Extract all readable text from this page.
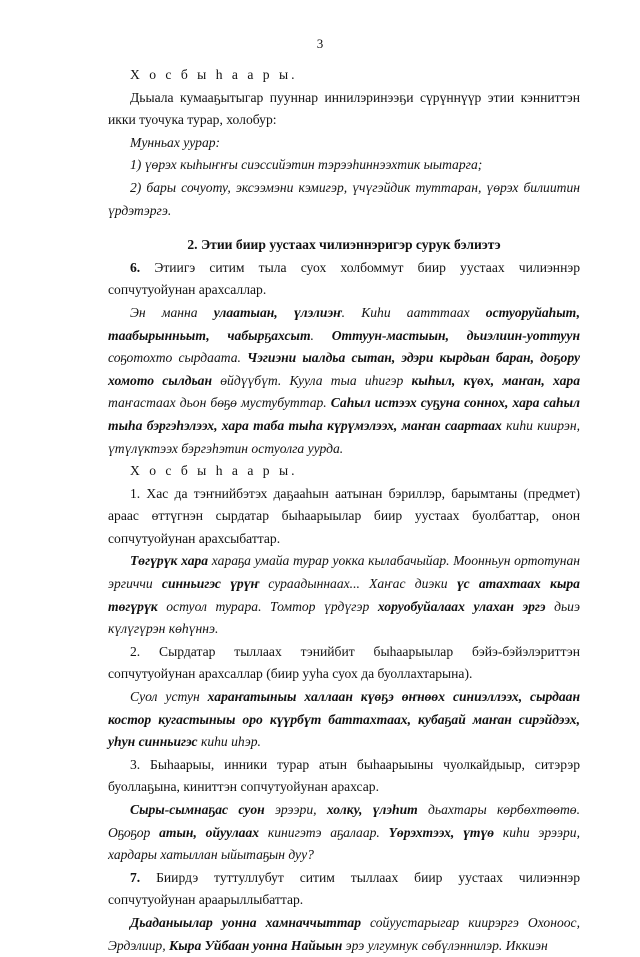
3

Х о с б ы һ а а р ы.

Дьыала кумааҕытыгар пууннар иннилэринээҕи сүрүннүүр этии кэнниттэн икки туочука турар, холобур:

Мунньах уурар:

1) үөрэх кыһыҥҥы сиэссийэтин тэрээһиннээхтик ыытарга;

2) бары сочуоту, эксээмэни кэмигэр, үчүгэйдик туттаран, үөрэх билиитин үрдэтэргэ.

2. Этии биир уустаах чилиэннэригэр сурук бэлиэтэ

6. Этиигэ ситим тыла суох холбоммут биир уустаах чилиэннэр сопчутуойунан арахсаллар.

Эн манна улаатыан, үлэлиэҥ. Киһи аатттаах остуоруйаһыт, таабырынньыт, чабырҕахсыт. Оттуун-мастыын, дьиэлиин-уоттуун соҕотохто сырдаата. Чэгиэни ыалдьа сытан, эдэри кырдьан баран, доҕору хомото сылдьан өйдүүбүт. Куула тыа иһигэр кыһыл, күөх, маҥан, хара таҥастаах дьон бөҕө мустубуттар. Саһыл истээх суҕуна соннох, хара саһыл тыһа бэргэһэлээх, хара таба тыһа күрүмэлээх, маҥан саартаах киһи киирэн, үтүлүктээх бэргэһэтин остуолга уурда.

Х о с б ы һ а а р ы.

1. Хас да тэҥнийбэтэх даҕааһын аатынан бэриллэр, барымтаны (предмет) араас өттүгнэн сырдатар быһаарыылар биир уустаах буолбаттар, онон сопчутуойунан арахсыбаттар.

Төгүрүк хара хараҕа умайа турар уокка кылабачыйар. Моонньун ортотунан эргиччи синньигэс үрүҥ сураадыннаах... Хаҥас диэки үс атахтаах кыра төгүрүк остуол турара. Томтор үрдүгэр хоруобуйалаах улахан эргэ дьиэ күлүгүрэн көһүннэ.

2. Сырдатар тыллаах тэнийбит быһаарыылар бэйэ-бэйэлэриттэн сопчутуойунан арахсаллар (биир ууһа суох да буоллахтарына).

Суол устун хараҥатыныы халлаан күөҕэ өҥнөөх синиэллээх, сырдаан костор кугастыныы оро күүрбүт баттахтаах, кубаҕай маҥан сирэйдээх, уһун синньигэс киһи иһэр.

3. Быһаарыы, инники турар атын быһаарыыны чуолкайдыыр, ситэрэр буоллаҕына, киниттэн сопчутуойунан арахсар.

Сыры-сымнаҕас суон эрээри, холку, үлэһит дьахтары көрбөхтөөтө. Оҕоҕор атын, ойуулаах кинигэтэ аҕалаар. Үөрэхтээх, үтүө киһи эрээри, хардары хатыллан ыйытаҕын дуу?

7. Биирдэ туттуллубут ситим тыллаах биир уустаах чилиэннэр сопчутуойунан араарыллыбаттар.

Дьаданыылар уонна хамначчыттар сойуустарыгар киирэргэ Охоноос, Эрдэлиир, Кыра Уйбаан уонна Найыын эрэ улгумнук сөбүлэннилэр. Иккиэн
